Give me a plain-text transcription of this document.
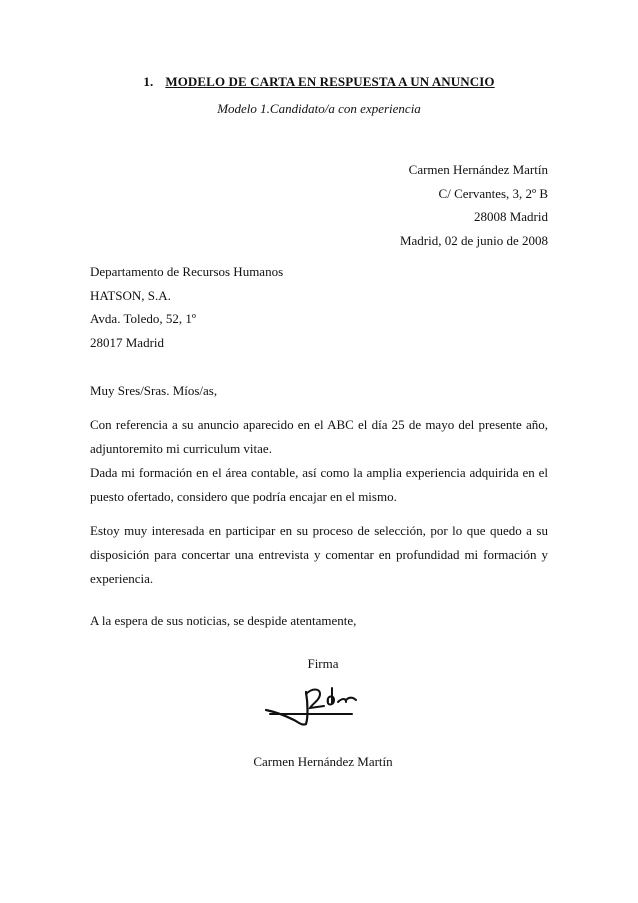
1. MODELO DE CARTA EN RESPUESTA A UN ANUNCIO
Modelo 1.Candidato/a con experiencia
Carmen Hernández Martín
C/ Cervantes, 3, 2º B
28008 Madrid
Madrid, 02 de junio de 2008
Departamento de Recursos Humanos
HATSON, S.A.
Avda. Toledo, 52, 1º
28017 Madrid
Muy Sres/Sras. Míos/as,
Con referencia a su anuncio aparecido en el ABC el día 25 de mayo del presente año,
adjuntoremito mi curriculum vitae.
Dada mi formación en el área contable, así como la amplia experiencia adquirida en el
puesto ofertado, considero que podría encajar en el mismo.
Estoy muy interesada en participar en su proceso de selección, por lo que quedo a su
disposición para concertar una entrevista y comentar en profundidad mi formación y
experiencia.
A la espera de sus noticias, se despide atentamente,
Firma
Carmen Hernández Martín
